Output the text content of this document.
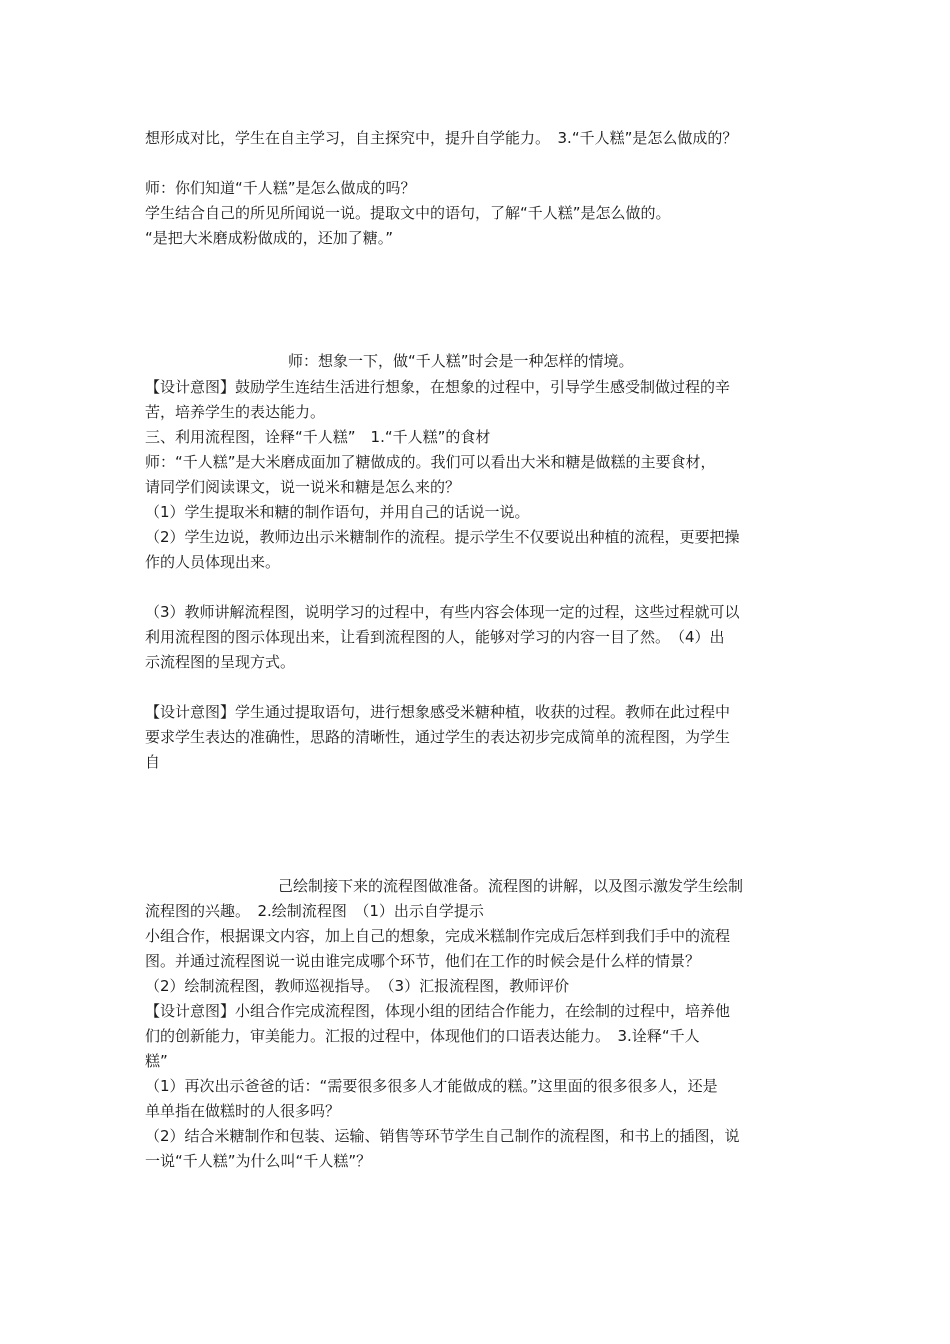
想形成对比，学生在自主学习，自主探究中，提升自学能力。　3.“千人糕”是怎么做成的？
师：你们知道“千人糕”是怎么做成的吗？
学生结合自己的所见所闻说一说。提取文中的语句，了解“千人糕”是怎么做的。
“是把大米磨成粉做成的，还加了糖。”
师：想象一下，做“千人糕”时会是一种怎样的情境。
【设计意图】鼓励学生连结生活进行想象，在想象的过程中，引导学生感受制做过程的辛
苦，培养学生的表达能力。
三、利用流程图，诠释“千人糕”　1.“千人糕”的食材
师：“千人糕”是大米磨成面加了糖做成的。我们可以看出大米和糖是做糕的主要食材，
请同学们阅读课文，说一说米和糖是怎么来的？
（1）学生提取米和糖的制作语句，并用自己的话说一说。
（2）学生边说，教师边出示米糖制作的流程。提示学生不仅要说出种植的流程，更要把操
作的人员体现出来。
（3）教师讲解流程图，说明学习的过程中，有些内容会体现一定的过程，这些过程就可以
利用流程图的图示体现出来，让看到流程图的人，能够对学习的内容一目了然。　（4）出
示流程图的呈现方式。
【设计意图】学生通过提取语句，进行想象感受米糖种植，收获的过程。教师在此过程中
要求学生表达的准确性，思路的清晰性，通过学生的表达初步完成简单的流程图，为学生
自
己绘制接下来的流程图做准备。流程图的讲解，以及图示激发学生绘制
流程图的兴趣。　2.绘制流程图　（1）出示自学提示
小组合作，根据课文内容，加上自己的想象，完成米糕制作完成后怎样到我们手中的流程
图。并通过流程图说一说由谁完成哪个环节，他们在工作的时候会是什么样的情景？
（2）绘制流程图，教师巡视指导。　（3）汇报流程图，教师评价
【设计意图】小组合作完成流程图，体现小组的团结合作能力，在绘制的过程中，培养他
们的创新能力，审美能力。汇报的过程中，体现他们的口语表达能力。　3.诠释“千人
糕”
（1）再次出示爸爸的话：“需要很多很多人才能做成的糕。”这里面的很多很多人，还是
单单指在做糕时的人很多吗？
（2）结合米糖制作和包装、运输、销售等环节学生自己制作的流程图，和书上的插图，说
一说“千人糕”为什么叫“千人糕”？
